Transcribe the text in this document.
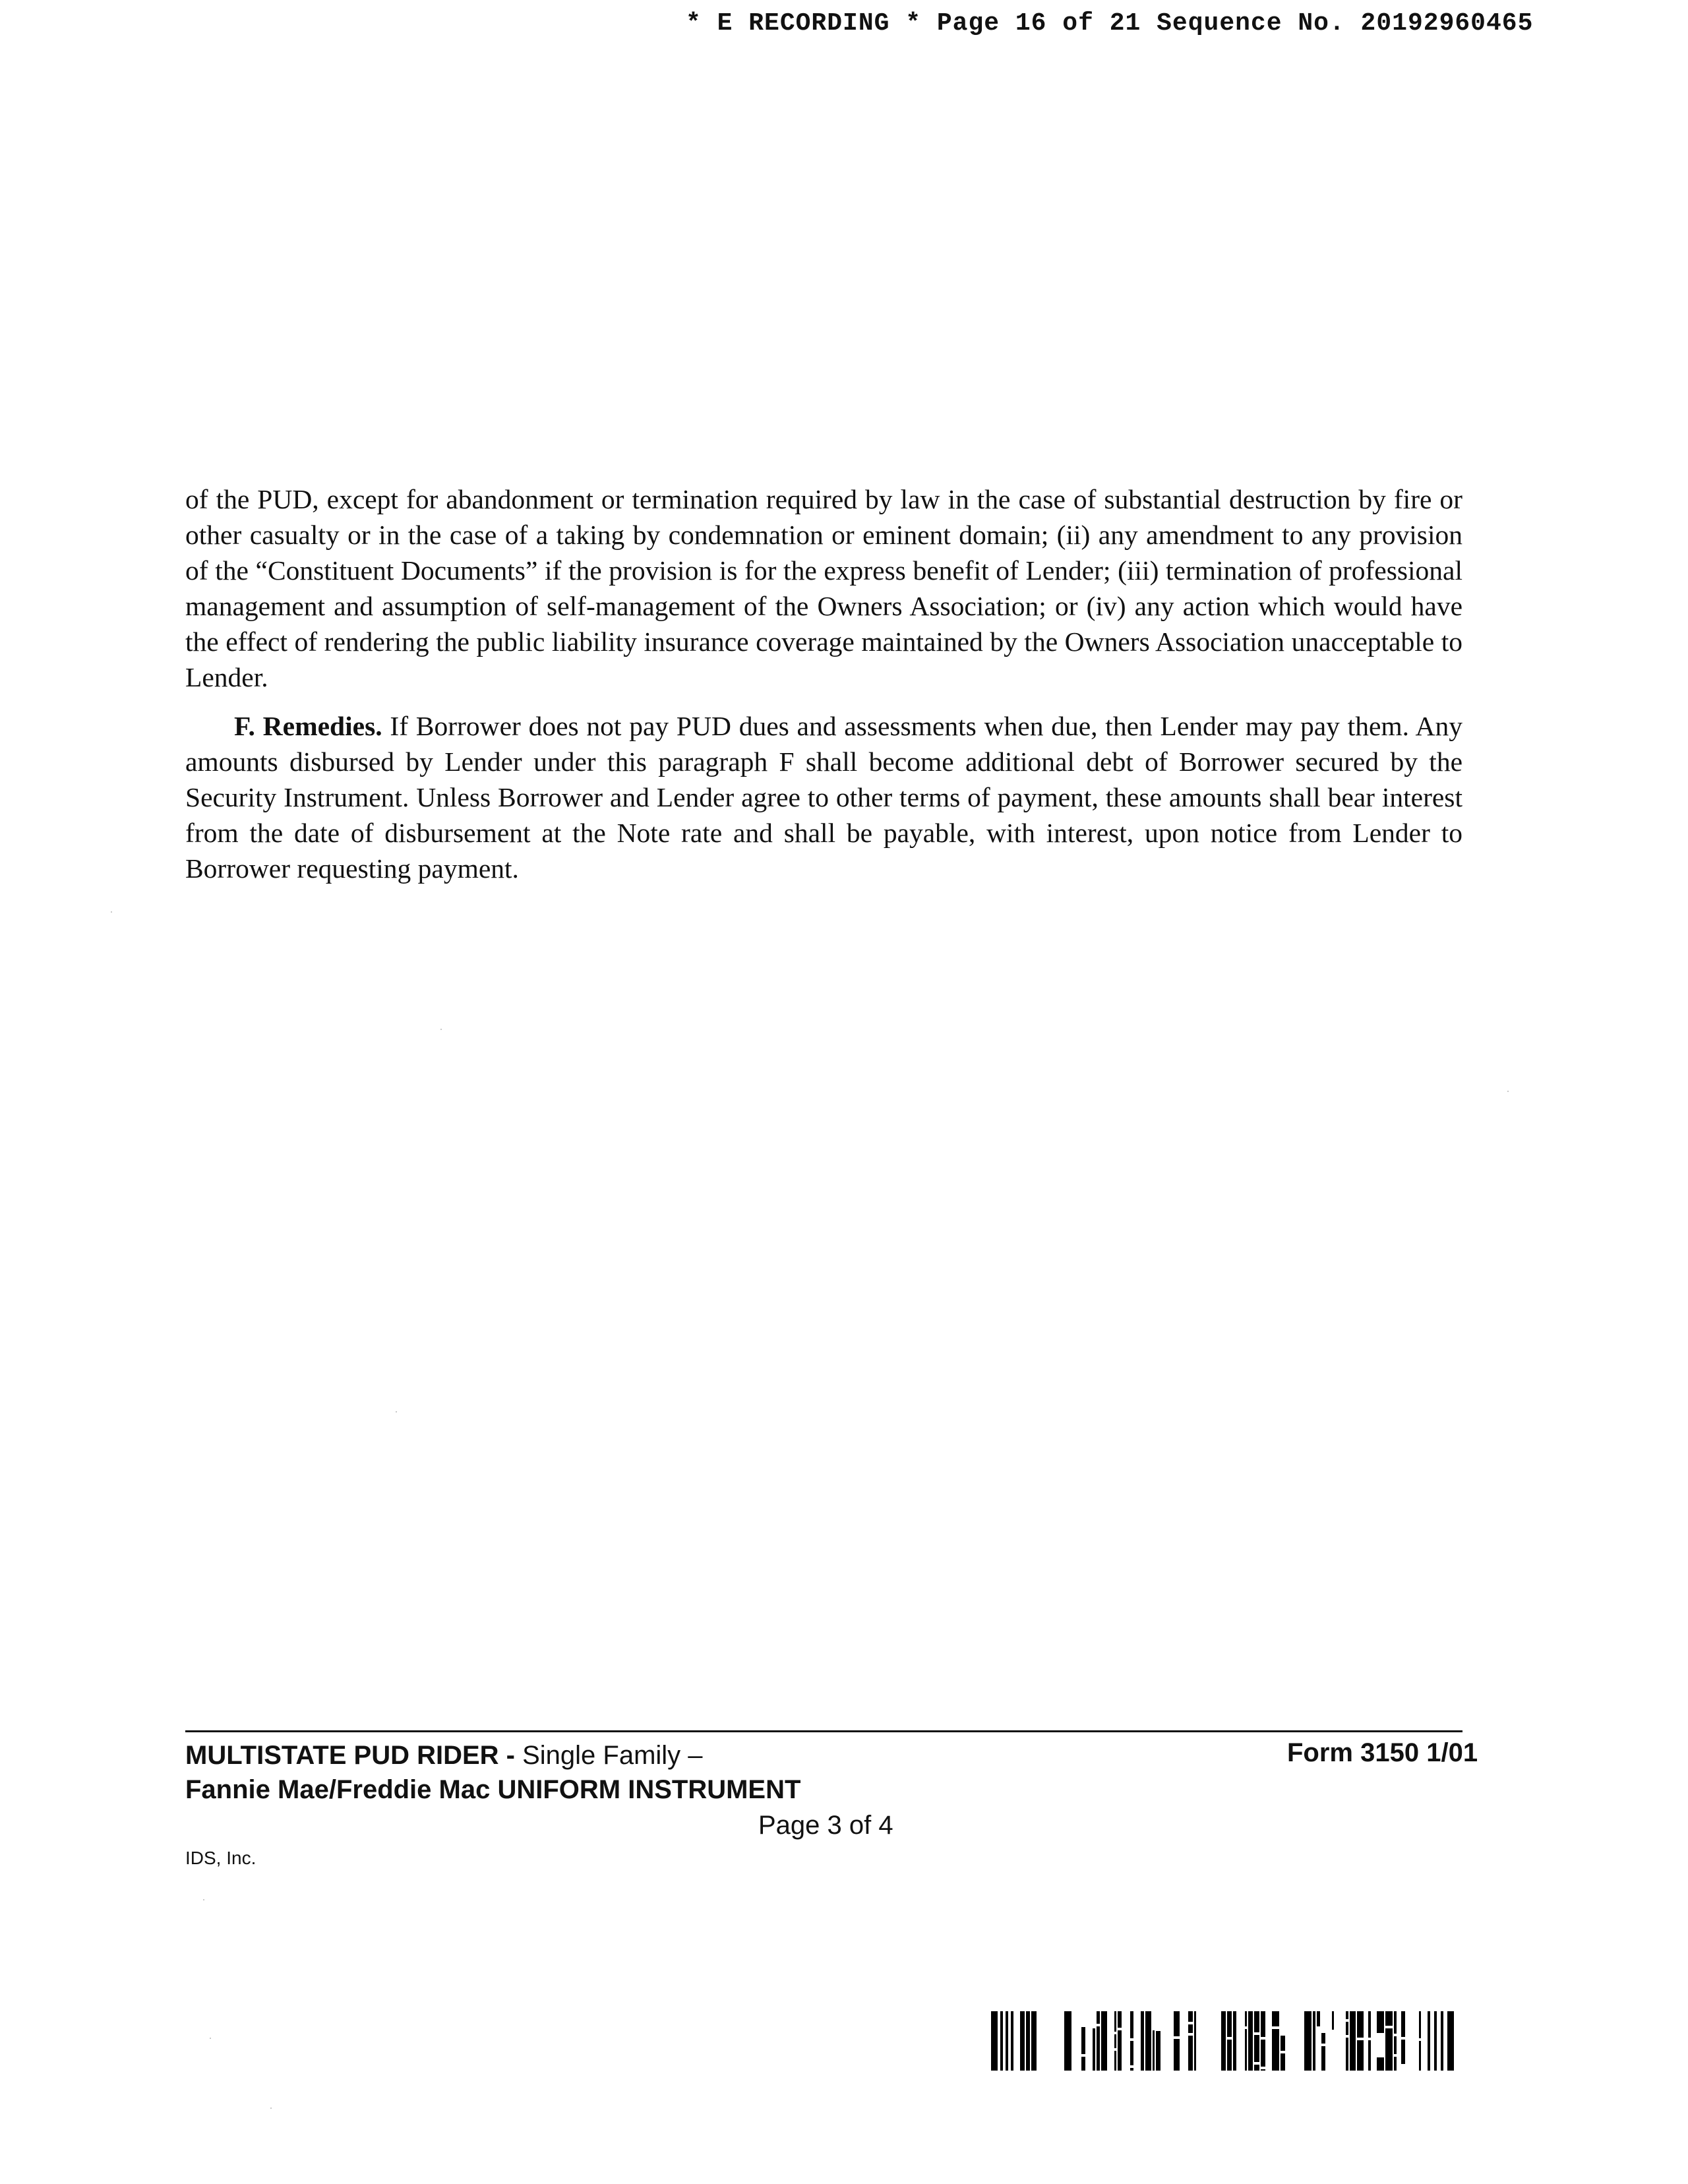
* E RECORDING * Page 16 of 21 Sequence No. 20192960465

of the PUD, except for abandonment or termination required by law in the case of substantial destruction by fire or other casualty or in the case of a taking by condemnation or eminent domain; (ii) any amendment to any provision of the “Constituent Documents” if the provision is for the express benefit of Lender; (iii) termination of professional management and assumption of self-management of the Owners Association; or (iv) any action which would have the effect of rendering the public liability insurance coverage maintained by the Owners Association unacceptable to Lender.

F. Remedies. If Borrower does not pay PUD dues and assessments when due, then Lender may pay them. Any amounts disbursed by Lender under this paragraph F shall become additional debt of Borrower secured by the Security Instrument. Unless Borrower and Lender agree to other terms of payment, these amounts shall bear interest from the date of disbursement at the Note rate and shall be payable, with interest, upon notice from Lender to Borrower requesting payment.

MULTISTATE PUD RIDER - Single Family –
Fannie Mae/Freddie Mac UNIFORM INSTRUMENT
Form 3150 1/01
Page 3 of 4
IDS, Inc.
